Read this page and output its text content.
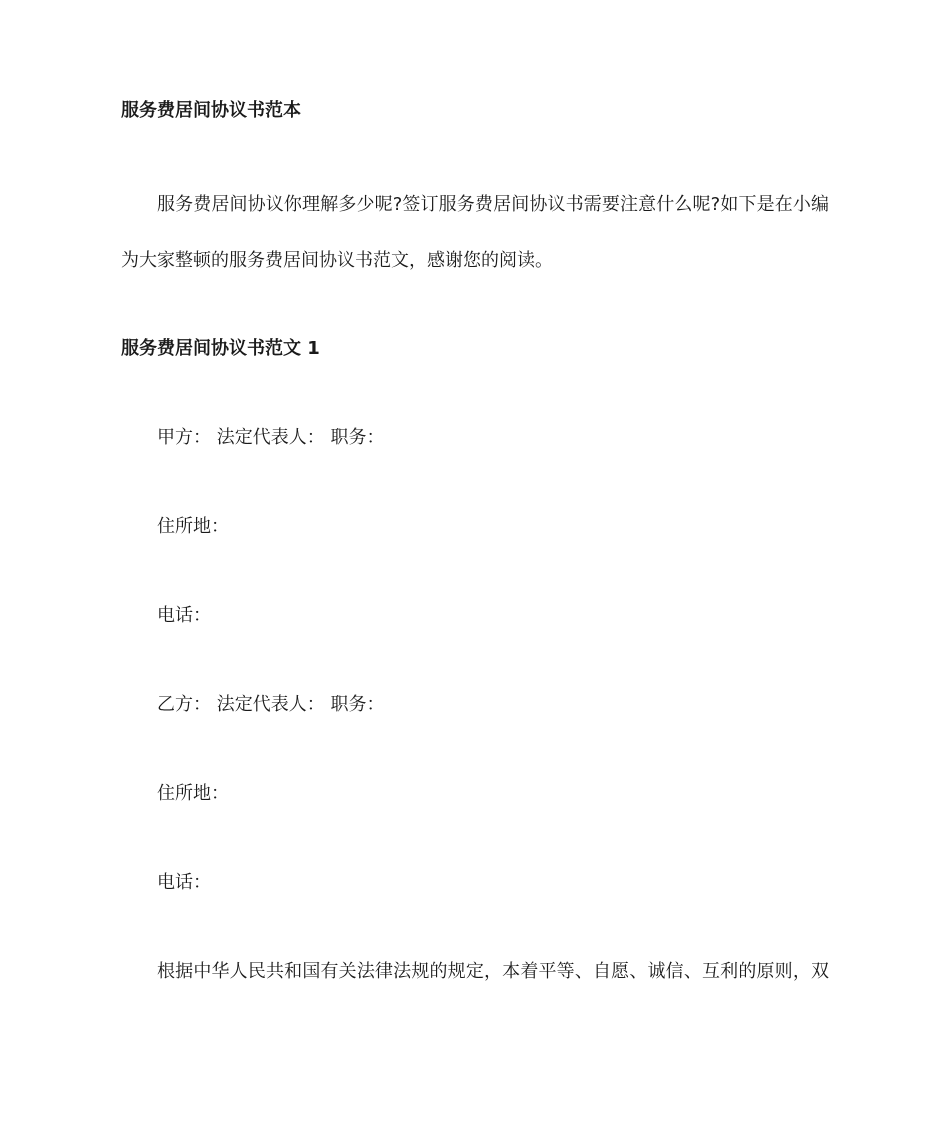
服务费居间协议书范本
服务费居间协议你理解多少呢?签订服务费居间协议书需要注意什么呢?如下是在小编
为大家整顿的服务费居间协议书范文，感谢您的阅读。
服务费居间协议书范文 1
甲方： 法定代表人： 职务：
住所地：
电话：
乙方： 法定代表人： 职务：
住所地：
电话：
根据中华人民共和国有关法律法规的规定，本着平等、自愿、诚信、互利的原则，双
